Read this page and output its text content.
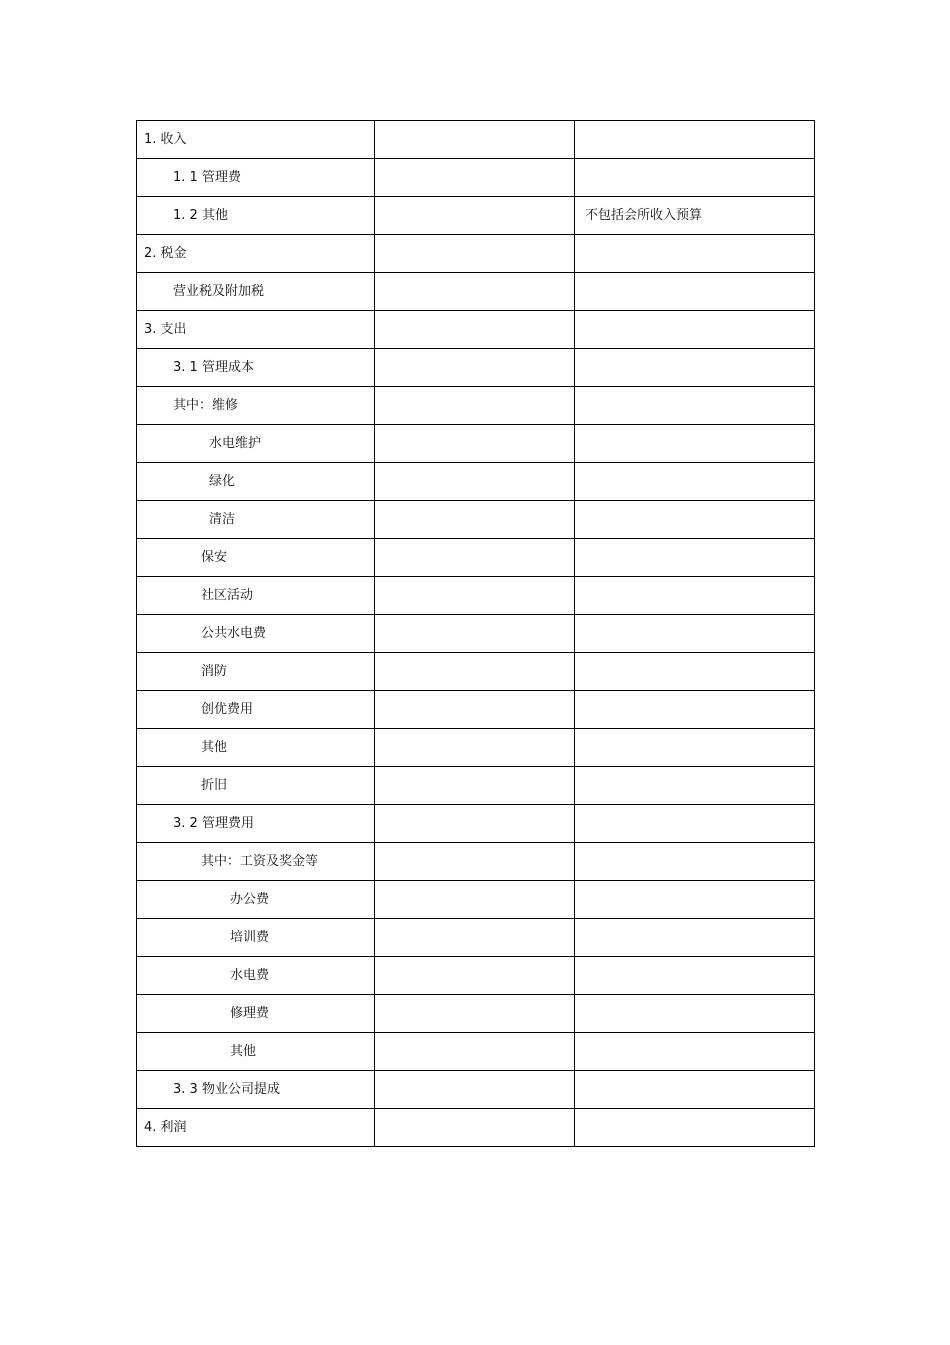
1. 收入		
1. 1 管理费		
1. 2 其他		不包括会所收入预算
2. 税金		
营业税及附加税		
3. 支出		
3. 1 管理成本		
其中：维修		
水电维护		
绿化		
清洁		
保安		
社区活动		
公共水电费		
消防		
创优费用		
其他		
折旧		
3. 2 管理费用		
其中：工资及奖金等		
办公费		
培训费		
水电费		
修理费		
其他		
3. 3 物业公司提成		
4. 利润		
